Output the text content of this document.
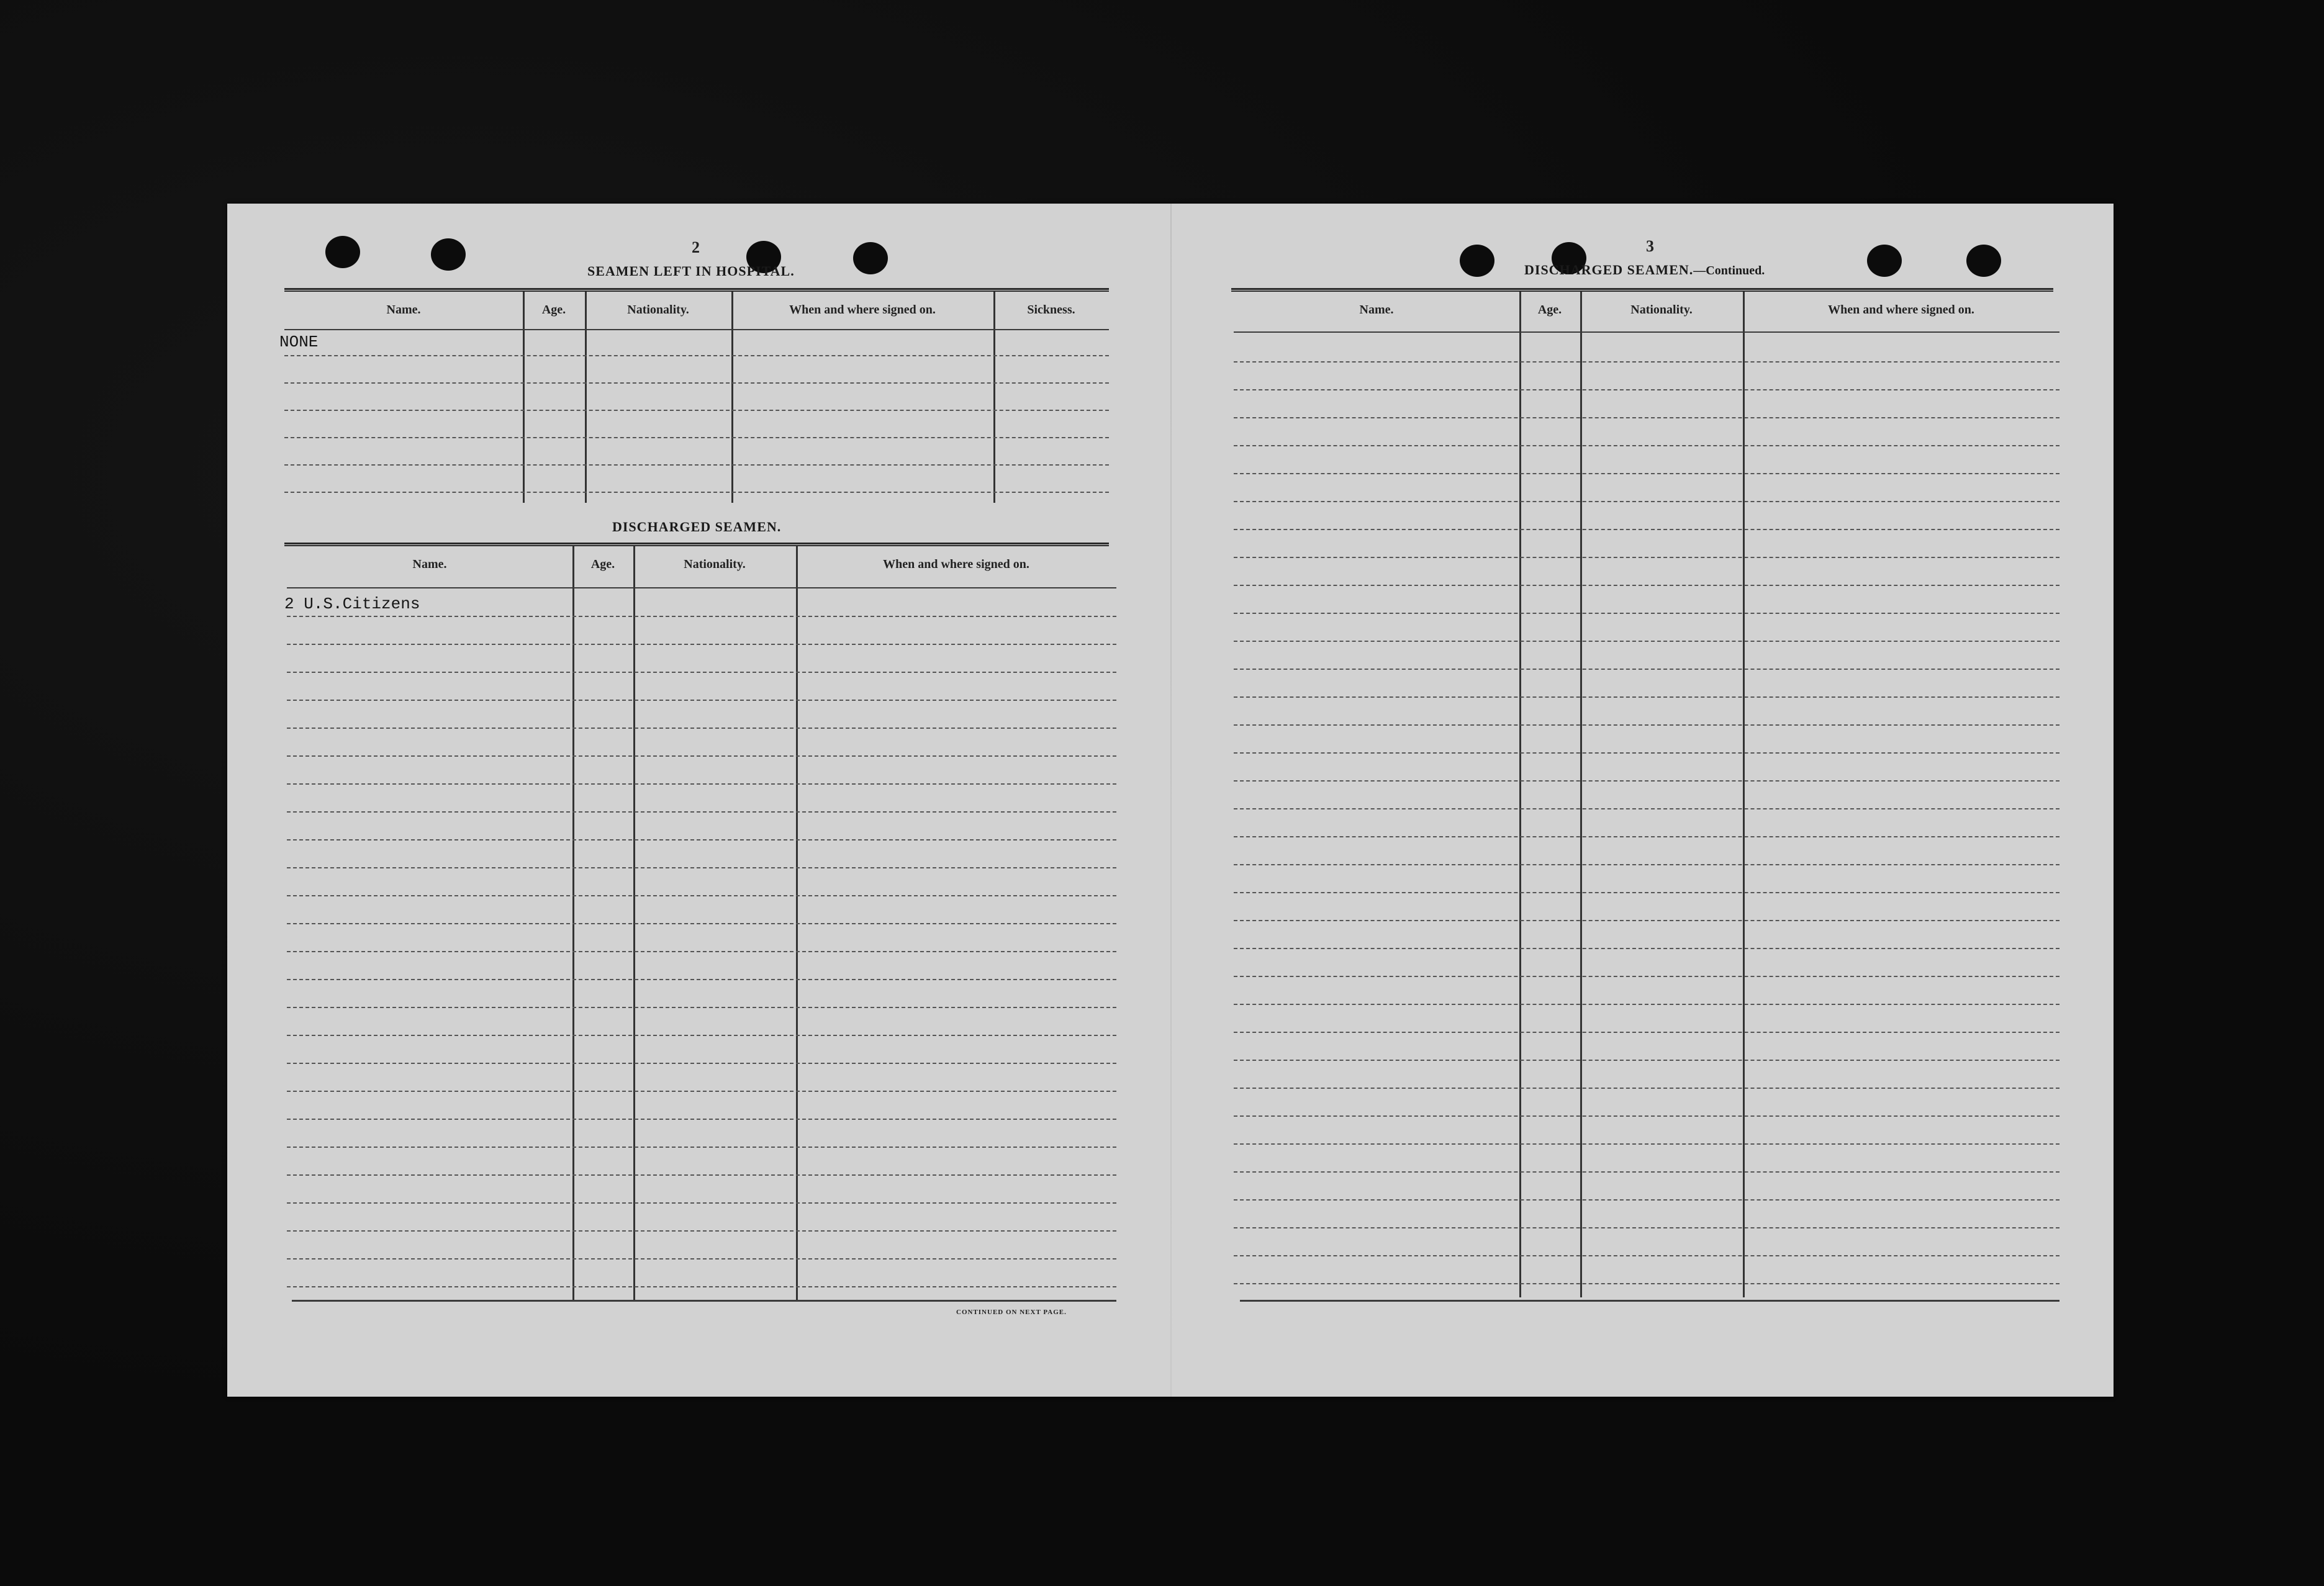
2
SEAMEN LEFT IN HOSPITAL.
Name.	Age.	Nationality.	When and where signed on.	Sickness.
NONE
DISCHARGED SEAMEN.
Name.	Age.	Nationality.	When and where signed on.
2 U.S.Citizens
CONTINUED ON NEXT PAGE.
3
DISCHARGED SEAMEN.—Continued.
Name.	Age.	Nationality.	When and where signed on.
